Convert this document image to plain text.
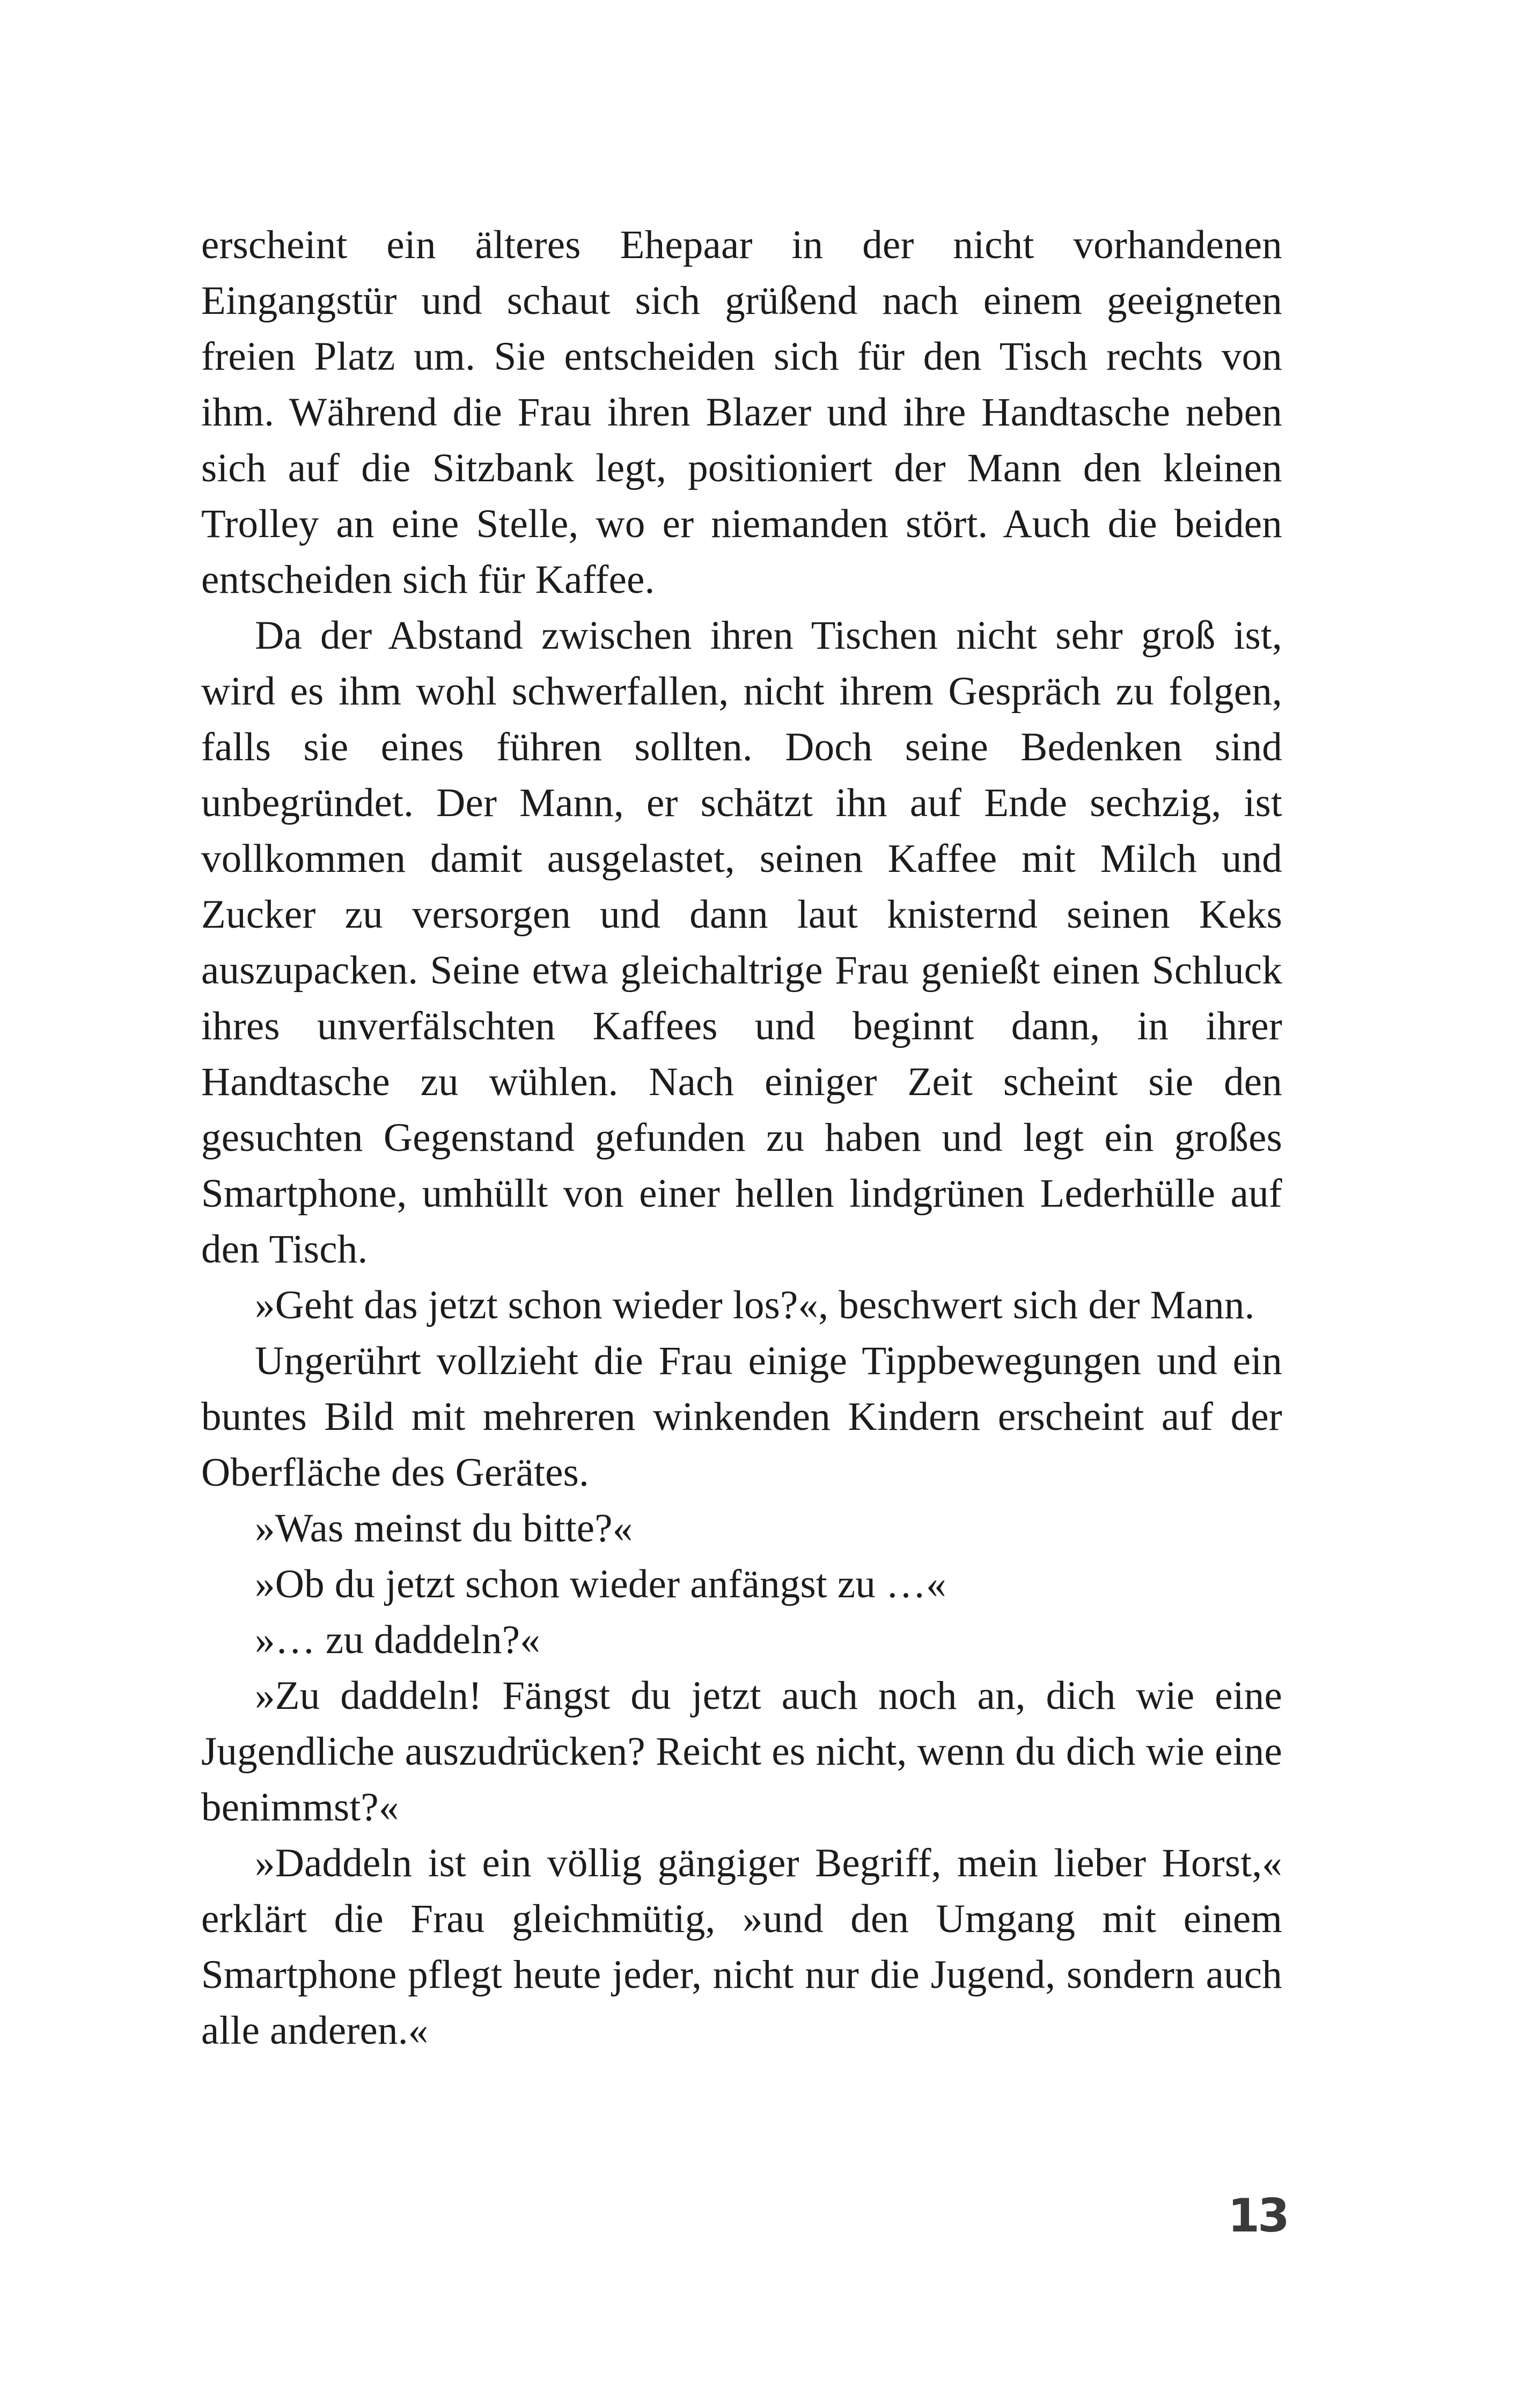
erscheint ein älteres Ehepaar in der nicht vorhandenen Eingangstür und schaut sich grüßend nach einem geeigneten freien Platz um. Sie entscheiden sich für den Tisch rechts von ihm. Während die Frau ihren Blazer und ihre Handtasche neben sich auf die Sitzbank legt, positioniert der Mann den kleinen Trolley an eine Stelle, wo er niemanden stört. Auch die beiden entscheiden sich für Kaffee.

Da der Abstand zwischen ihren Tischen nicht sehr groß ist, wird es ihm wohl schwerfallen, nicht ihrem Gespräch zu folgen, falls sie eines führen sollten. Doch seine Bedenken sind unbegründet. Der Mann, er schätzt ihn auf Ende sechzig, ist vollkommen damit ausgelastet, seinen Kaffee mit Milch und Zucker zu versorgen und dann laut knisternd seinen Keks auszupacken. Seine etwa gleichaltrige Frau genießt einen Schluck ihres unverfälschten Kaffees und beginnt dann, in ihrer Handtasche zu wühlen. Nach einiger Zeit scheint sie den gesuchten Gegenstand gefunden zu haben und legt ein großes Smartphone, umhüllt von einer hellen lindgrünen Lederhülle auf den Tisch.

»Geht das jetzt schon wieder los?«, beschwert sich der Mann.

Ungerührt vollzieht die Frau einige Tippbewegungen und ein buntes Bild mit mehreren winkenden Kindern erscheint auf der Oberfläche des Gerätes.

»Was meinst du bitte?«

»Ob du jetzt schon wieder anfängst zu …«

»… zu daddeln?«

»Zu daddeln! Fängst du jetzt auch noch an, dich wie eine Jugendliche auszudrücken? Reicht es nicht, wenn du dich wie eine benimmst?«

»Daddeln ist ein völlig gängiger Begriff, mein lieber Horst,« erklärt die Frau gleichmütig, »und den Umgang mit einem Smartphone pflegt heute jeder, nicht nur die Jugend, sondern auch alle anderen.«

13
